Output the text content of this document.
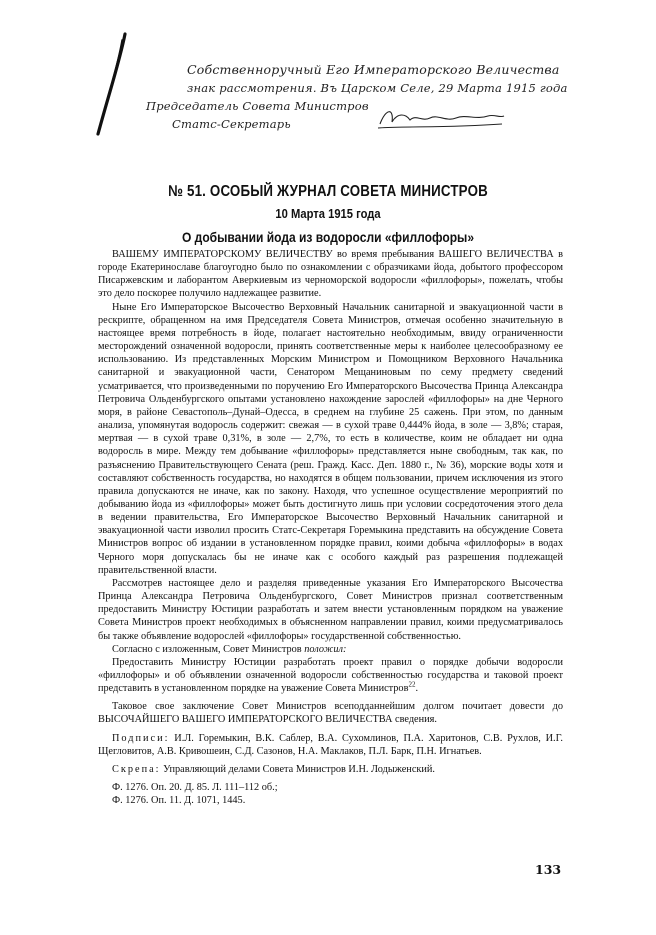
Собственноручный Его Императорского Величества
знак рассмотрения. Въ Царском Селе, 29 Марта 1915 года
Председатель Совета Министров
Статс-Секретарь
№ 51. ОСОБЫЙ ЖУРНАЛ СОВЕТА МИНИСТРОВ
10 Марта 1915 года
О добывании йода из водоросли «филлофоры»

ВАШЕМУ ИМПЕРАТОРСКОМУ ВЕЛИЧЕСТВУ во время пребывания ВАШЕГО ВЕЛИЧЕСТВА в городе Екатеринославе благоугодно было по ознакомлении с образчиками йода, добытого профессором Писаржевским и лаборантом Аверкиевым из черноморской водоросли «филлофоры», пожелать, чтобы это дело поскорее получило надлежащее развитие.

Ныне Его Императорское Высочество Верховный Начальник санитарной и эвакуационной части в рескрипте, обращенном на имя Председателя Совета Министров, отмечая особенно значительную в настоящее время потребность в йоде, полагает настоятельно необходимым, ввиду ограниченности месторождений означенной водоросли, принять соответственные меры к наиболее целесообразному ее использованию. Из представленных Морским Министром и Помощником Верховного Начальника санитарной и эвакуационной части, Сенатором Мещаниновым по сему предмету сведений усматривается, что произведенными по поручению Его Императорского Высочества Принца Александра Петровича Ольденбургского опытами установлено нахождение зарослей «филлофоры» на дне Черного моря, в районе Севастополь–Дунай–Одесса, в среднем на глубине 25 сажень. При этом, по данным анализа, упомянутая водоросль содержит: свежая — в сухой траве 0,444% йода, в золе — 3,8%; старая, мертвая — в сухой траве 0,31%, в золе — 2,7%, то есть в количестве, коим не обладает ни одна водоросль в мире. Между тем добывание «филлофоры» представляется ныне свободным, так как, по разъяснению Правительствующего Сената (реш. Гражд. Касс. Деп. 1880 г., № 36), морские воды хотя и составляют собственность государства, но находятся в общем пользовании, причем исключения из этого правила допускаются не иначе, как по закону. Находя, что успешное осуществление мероприятий по добыванию йода из «филлофоры» может быть достигнуто лишь при условии сосредоточения этого дела в ведении правительства, Его Императорское Высочество Верховный Начальник санитарной и эвакуационной части изволил просить Статс-Секретаря Горемыкина представить на обсуждение Совета Министров вопрос об издании в установленном порядке правил, коими добыча «филлофоры» в водах Черного моря допускалась бы не иначе как с особого каждый раз разрешения подлежащей правительственной власти.

Рассмотрев настоящее дело и разделяя приведенные указания Его Императорского Высочества Принца Александра Петровича Ольденбургского, Совет Министров признал соответственным предоставить Министру Юстиции разработать и затем внести установленным порядком на уважение Совета Министров проект необходимых в объясненном направлении правил, коими предусматривалось бы также объявление водорослей «филлофоры» государственной собственностью.

Согласно с изложенным, Совет Министров положил:

Предоставить Министру Юстиции разработать проект правил о порядке добычи водоросли «филлофоры» и об объявлении означенной водоросли собственностью государства и таковой проект представить в установленном порядке на уважение Совета Министров$^{22}$.

Таковое свое заключение Совет Министров всеподданнейшим долгом почитает довести до ВЫСОЧАЙШЕГО ВАШЕГО ИМПЕРАТОРСКОГО ВЕЛИЧЕСТВА сведения.

Подписи: И.Л. Горемыкин, В.К. Саблер, В.А. Сухомлинов, П.А. Харитонов, С.В. Рухлов, И.Г. Щегловитов, А.В. Кривошеин, С.Д. Сазонов, Н.А. Маклаков, П.Л. Барк, П.Н. Игнатьев.

Скрепа: Управляющий делами Совета Министров И.Н. Лодыженский.

Ф. 1276. Оп. 20. Д. 85. Л. 111–112 об.;

Ф. 1276. Оп. 11. Д. 1071, 1445.

133
